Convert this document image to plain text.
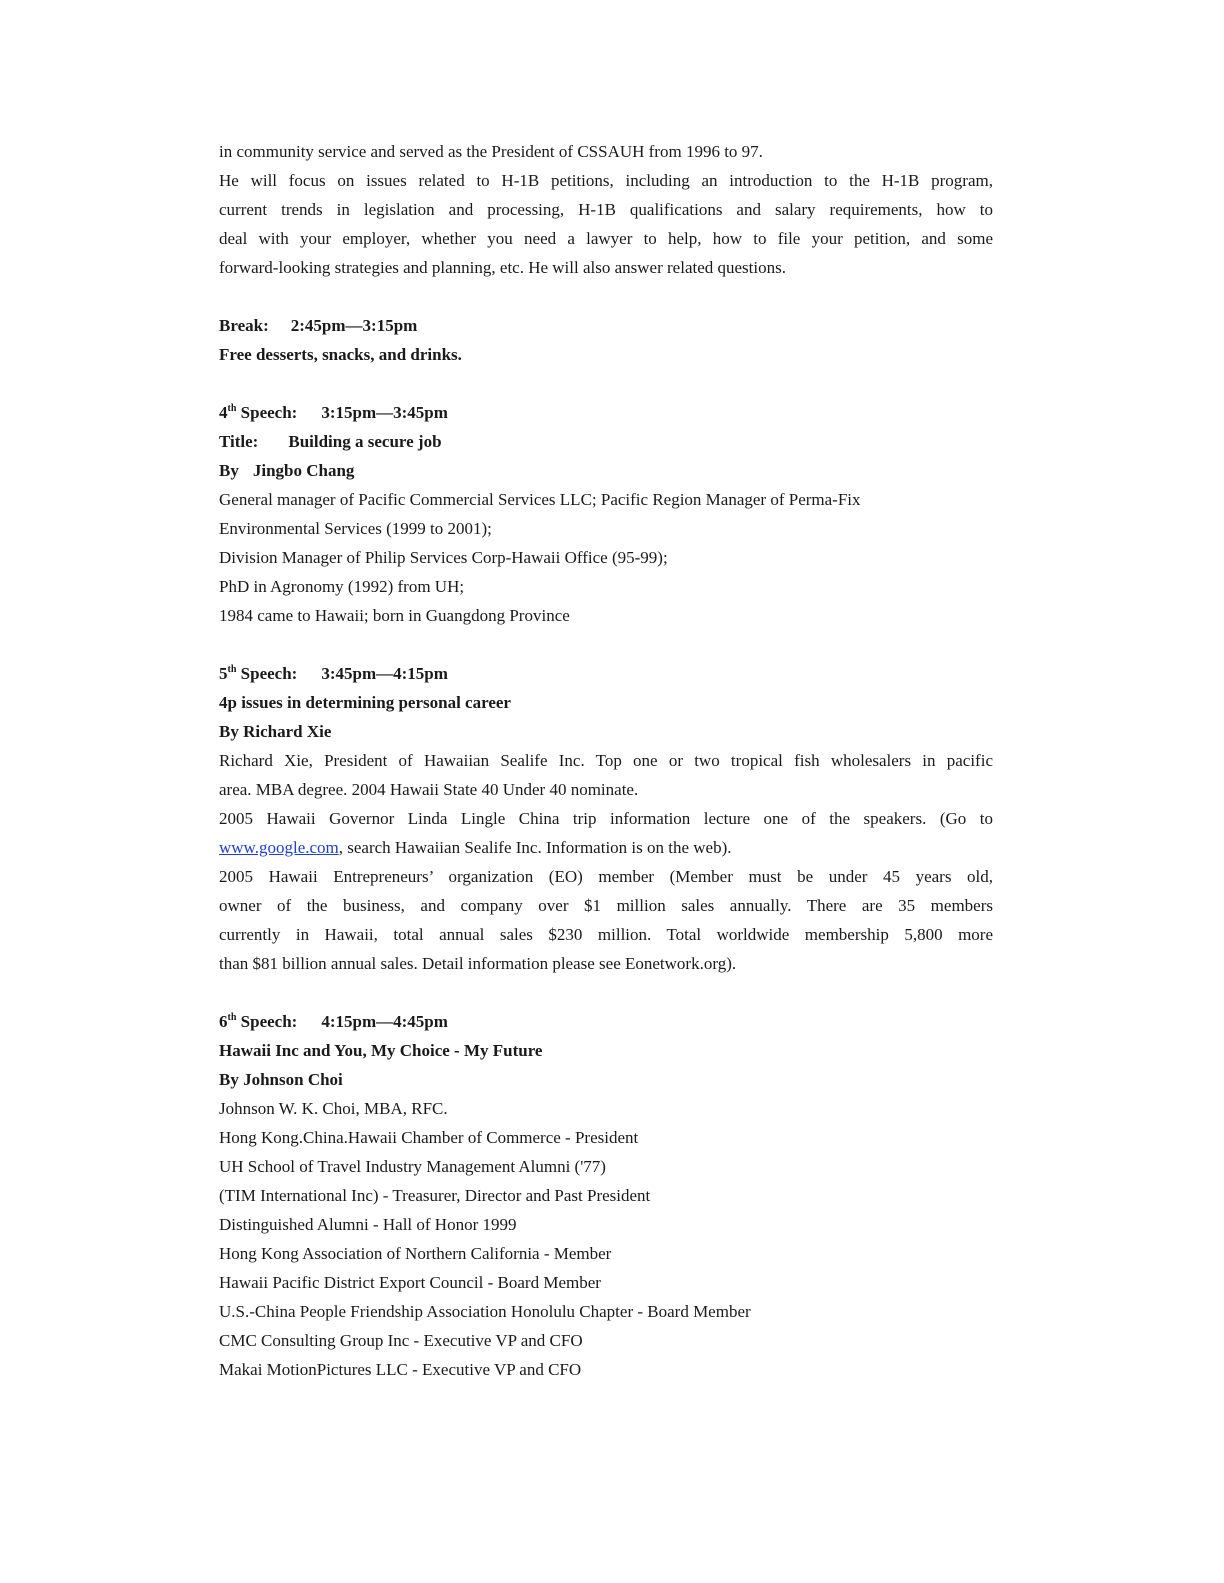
in community service and served as the President of CSSAUH from 1996 to 97.

He will focus on issues related to H-1B petitions, including an introduction to the H-1B program,

current trends in legislation and processing, H-1B qualifications and salary requirements, how to

deal with your employer, whether you need a lawyer to help, how to file your petition, and some

forward-looking strategies and planning, etc. He will also answer related questions.

Break: 2:45pm—3:15pm

Free desserts, snacks, and drinks.

4th Speech: 3:15pm—3:45pm

Title: Building a secure job

By Jingbo Chang

General manager of Pacific Commercial Services LLC; Pacific Region Manager of Perma-Fix

Environmental Services (1999 to 2001);

Division Manager of Philip Services Corp-Hawaii Office (95-99);

PhD in Agronomy (1992) from UH;

1984 came to Hawaii; born in Guangdong Province

5th Speech: 3:45pm—4:15pm

4p issues in determining personal career

By Richard Xie

Richard Xie, President of Hawaiian Sealife Inc. Top one or two tropical fish wholesalers in pacific

area. MBA degree. 2004 Hawaii State 40 Under 40 nominate.

2005 Hawaii Governor Linda Lingle China trip information lecture one of the speakers. (Go to

www.google.com, search Hawaiian Sealife Inc. Information is on the web).

2005 Hawaii Entrepreneurs’ organization (EO) member (Member must be under 45 years old,

owner of the business, and company over $1 million sales annually. There are 35 members

currently in Hawaii, total annual sales $230 million. Total worldwide membership 5,800 more

than $81 billion annual sales. Detail information please see Eonetwork.org).

6th Speech: 4:15pm—4:45pm

Hawaii Inc and You, My Choice - My Future

By Johnson Choi

Johnson W. K. Choi, MBA, RFC.

Hong Kong.China.Hawaii Chamber of Commerce - President

UH School of Travel Industry Management Alumni ('77)

(TIM International Inc) - Treasurer, Director and Past President

Distinguished Alumni - Hall of Honor 1999

Hong Kong Association of Northern California - Member

Hawaii Pacific District Export Council - Board Member

U.S.-China People Friendship Association Honolulu Chapter - Board Member

CMC Consulting Group Inc - Executive VP and CFO

Makai MotionPictures LLC - Executive VP and CFO
